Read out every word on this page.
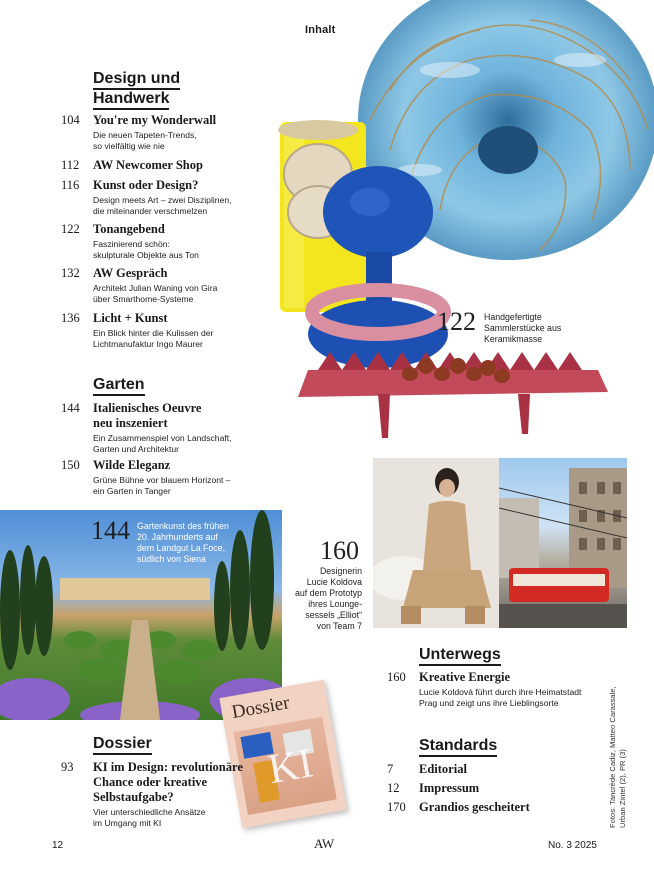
Inhalt
Dossier
KI
Design und
Handwerk
104	You're my Wonderwall
Die neuen Tapeten-Trends,
so vielfältig wie nie
112	AW Newcomer Shop
116	Kunst oder Design?
Design meets Art – zwei Disziplinen,
die miteinander verschmelzen
122	Tonangebend
Faszinierend schön:
skulpturale Objekte aus Ton
132	AW Gespräch
Architekt Julian Waning von Gira
über Smarthome-Systeme
136	Licht + Kunst
Ein Blick hinter die Kulissen der
Lichtmanufaktur Ingo Maurer
Garten
144	Italienisches Oeuvre
neu inszeniert
Ein Zusammenspiel von Landschaft,
Garten und Architektur
150	Wilde Eleganz
Grüne Bühne vor blauem Horizont –
ein Garten in Tanger
Dossier
93	KI im Design: revolutionäre
Chance oder kreative
Selbstaufgabe?
Vier unterschiedliche Ansätze
im Umgang mit KI
Unterwegs
160	Kreative Energie
Lucie Koldová führt durch ihre Heimatstadt
Prag und zeigt uns ihre Lieblingsorte
Standards
7	Editorial
12	Impressum
170	Grandios gescheitert
122 Handgefertigte
Sammlerstücke aus
Keramikmasse
144 Gartenkunst des frühen
20. Jahrhunderts auf
dem Landgut La Foce,
südlich von Siena	160
Designerin
Lucie Koldova
auf dem Prototyp
ihres Lounge-
sessels „Elliot“
von Team 7
Fotos: Tancrède Cadiz, Matteo Carassale,
Urban Zintel (2), PR (3)
12	AW	No. 3 2025
